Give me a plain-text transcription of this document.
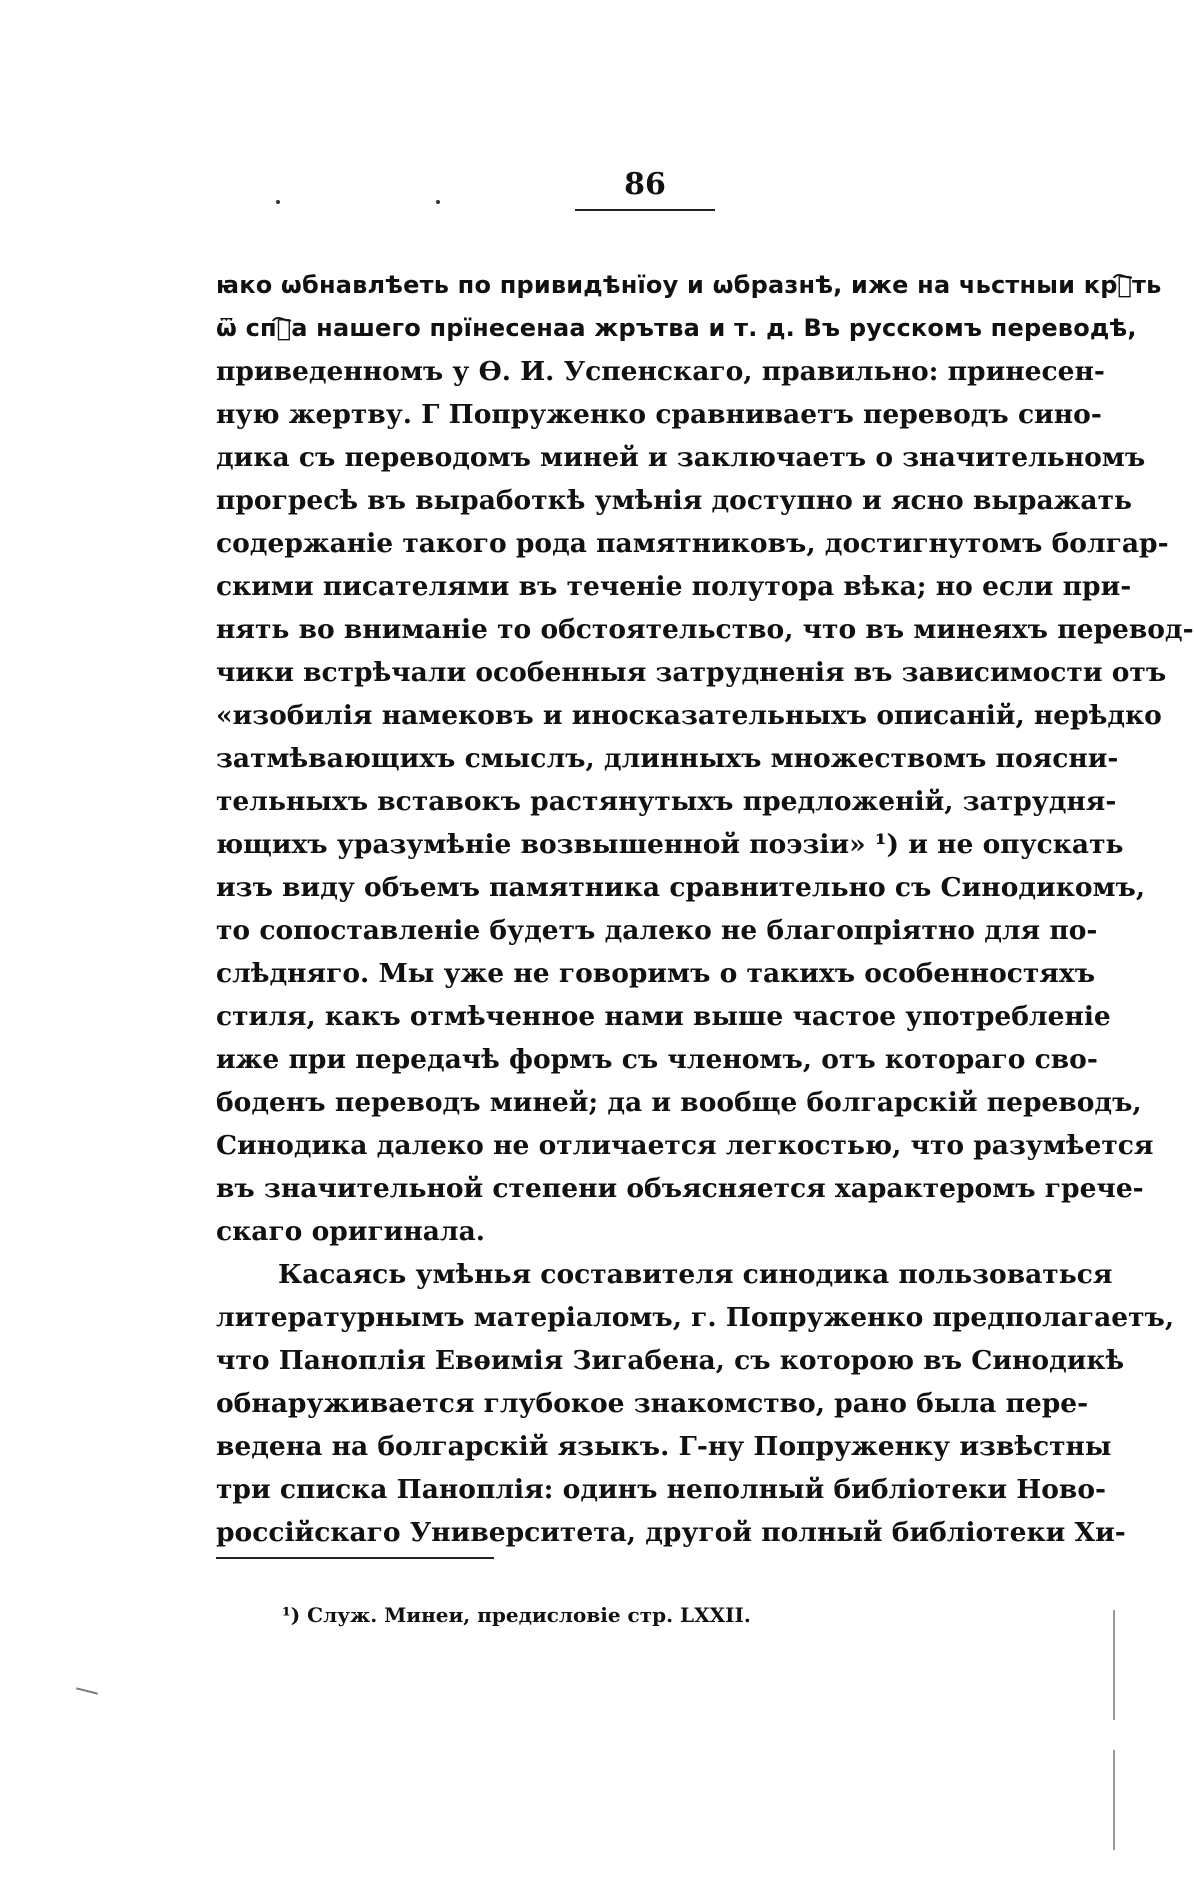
86
ꙗко ѡбнавлѣеть по привидѣнїоу и ѡбразнѣ, иже на чьстныи крⷭ҇ть
ѿ спⷭ҇а нашего прїнесенаа жрътва и т. д. Въ русскомъ переводѣ,
приведенномъ у Ѳ. И. Успенскаго, правильно: принесен-
ную жертву. Г Попруженко сравниваетъ переводъ сино-
дика съ переводомъ миней и заключаетъ о значительномъ
прогресѣ въ выработкѣ умѣнія доступно и ясно выражать
содержаніе такого рода памятниковъ, достигнутомъ болгар-
скими писателями въ теченіе полутора вѣка; но если при-
нять во вниманіе то обстоятельство, что въ минеяхъ перевод-
чики встрѣчали особенныя затрудненія въ зависимости отъ
«изобилія намековъ и иносказательныхъ описаній, нерѣдко
затмѣвающихъ смыслъ, длинныхъ множествомъ поясни-
тельныхъ вставокъ растянутыхъ предложеній, затрудня-
ющихъ уразумѣніе возвышенной поэзіи» ¹) и не опускать
изъ виду объемъ памятника сравнительно съ Синодикомъ,
то сопоставленіе будетъ далеко не благопріятно для по-
слѣдняго. Мы уже не говоримъ о такихъ особенностяхъ
стиля, какъ отмѣченное нами выше частое употребленіе
иже при передачѣ формъ съ членомъ, отъ котораго сво-
боденъ переводъ миней; да и вообще болгарскій переводъ,
Синодика далеко не отличается легкостью, что разумѣется
въ значительной степени объясняется характеромъ грече-
скаго оригинала.
Касаясь умѣнья составителя синодика пользоваться
литературнымъ матеріаломъ, г. Попруженко предполагаетъ,
что Паноплія Евѳимія Зигабена, съ которою въ Синодикѣ
обнаруживается глубокое знакомство, рано была пере-
ведена на болгарскій языкъ. Г-ну Попруженку извѣстны
три списка Паноплія: одинъ неполный библіотеки Ново-
россійскаго Университета, другой полный библіотеки Хи-
¹) Служ. Минеи, предисловіе стр. LXXII.
